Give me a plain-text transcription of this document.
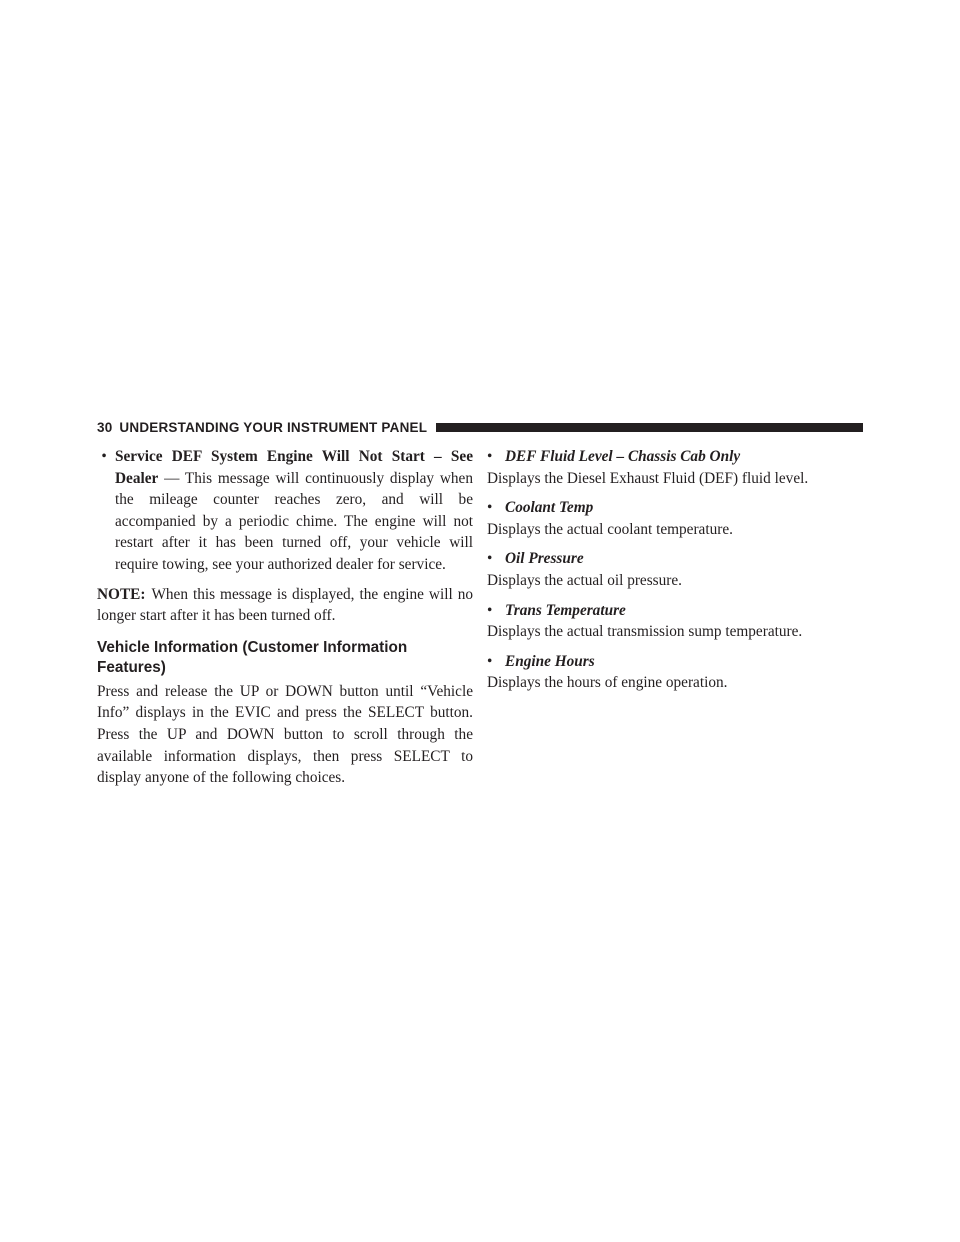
30 UNDERSTANDING YOUR INSTRUMENT PANEL
• Service DEF System Engine Will Not Start – See Dealer — This message will continuously display when the mileage counter reaches zero, and will be accompanied by a periodic chime. The engine will not restart after it has been turned off, your vehicle will require towing, see your authorized dealer for service.
NOTE: When this message is displayed, the engine will no longer start after it has been turned off.
Vehicle Information (Customer Information Features)
Press and release the UP or DOWN button until “Vehicle Info” displays in the EVIC and press the SELECT button. Press the UP and DOWN button to scroll through the available information displays, then press SELECT to display anyone of the following choices.
• DEF Fluid Level – Chassis Cab Only
Displays the Diesel Exhaust Fluid (DEF) fluid level.
• Coolant Temp
Displays the actual coolant temperature.
• Oil Pressure
Displays the actual oil pressure.
• Trans Temperature
Displays the actual transmission sump temperature.
• Engine Hours
Displays the hours of engine operation.
